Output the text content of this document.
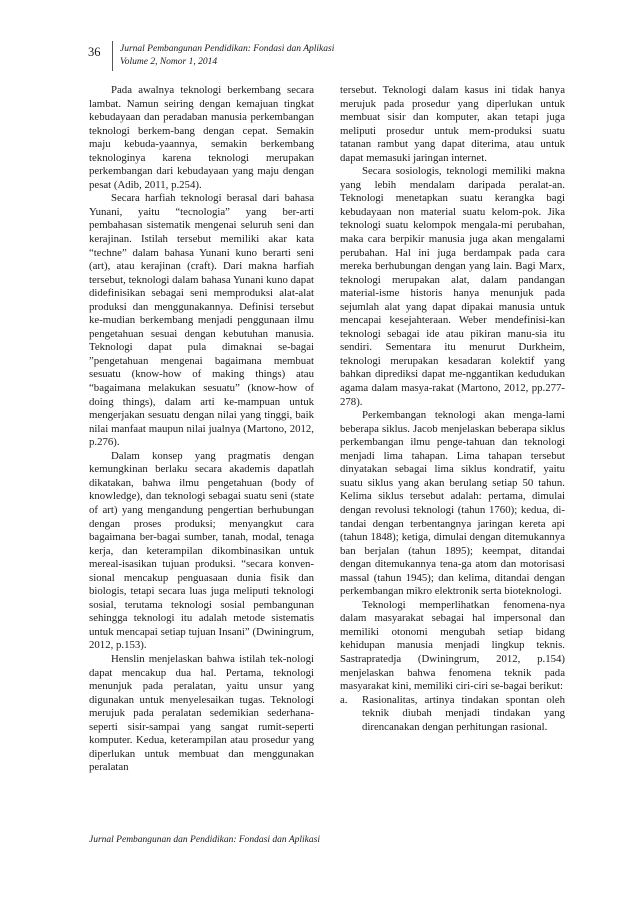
36 Jurnal Pembangunan Pendidikan: Fondasi dan Aplikasi
Volume 2, Nomor 1, 2014

Pada awalnya teknologi berkembang secara lambat. Namun seiring dengan kemajuan tingkat kebudayaan dan peradaban manusia perkembangan teknologi berkem-bang dengan cepat. Semakin maju kebuda-yaannya, semakin berkembang teknologinya karena teknologi merupakan perkembangan dari kebudayaan yang maju dengan pesat (Adib, 2011, p.254).

Secara harfiah teknologi berasal dari bahasa Yunani, yaitu “tecnologia” yang ber-arti pembahasan sistematik mengenai seluruh seni dan kerajinan. Istilah tersebut memiliki akar kata “techne” dalam bahasa Yunani kuno berarti seni (art), atau kerajinan (craft). Dari makna harfiah tersebut, teknologi dalam bahasa Yunani kuno dapat didefinisikan sebagai seni memproduksi alat-alat produksi dan menggunakannya. Definisi tersebut ke-mudian berkembang menjadi penggunaan ilmu pengetahuan sesuai dengan kebutuhan manusia. Teknologi dapat pula dimaknai se-bagai ”pengetahuan mengenai bagaimana membuat sesuatu (know-how of making things) atau “bagaimana melakukan sesuatu” (know-how of doing things), dalam arti ke-mampuan untuk mengerjakan sesuatu dengan nilai yang tinggi, baik nilai manfaat maupun nilai jualnya (Martono, 2012, p.276).

Dalam konsep yang pragmatis dengan kemungkinan berlaku secara akademis dapatlah dikatakan, bahwa ilmu pengetahuan (body of knowledge), dan teknologi sebagai suatu seni (state of art) yang mengandung pengertian berhubungan dengan proses produksi; menyangkut cara bagaimana ber-bagai sumber, tanah, modal, tenaga kerja, dan keterampilan dikombinasikan untuk mereal-isasikan tujuan produksi. “secara konven-sional mencakup penguasaan dunia fisik dan biologis, tetapi secara luas juga meliputi teknologi sosial, terutama teknologi sosial pembangunan sehingga teknologi itu adalah metode sistematis untuk mencapai setiap tujuan Insani” (Dwiningrum, 2012, p.153).

Henslin menjelaskan bahwa istilah tek-nologi dapat mencakup dua hal. Pertama, teknologi menunjuk pada peralatan, yaitu unsur yang digunakan untuk menyelesaikan tugas. Teknologi merujuk pada peralatan sedemikian sederhana-seperti sisir-sampai yang sangat rumit-seperti komputer. Kedua, keterampilan atau prosedur yang diperlukan untuk membuat dan menggunakan peralatan

tersebut. Teknologi dalam kasus ini tidak hanya merujuk pada prosedur yang diperlukan untuk membuat sisir dan komputer, akan tetapi juga meliputi prosedur untuk mem-produksi suatu tatanan rambut yang dapat diterima, atau untuk dapat memasuki jaringan internet.

Secara sosiologis, teknologi memiliki makna yang lebih mendalam daripada peralat-an. Teknologi menetapkan suatu kerangka bagi kebudayaan non material suatu kelom-pok. Jika teknologi suatu kelompok mengala-mi perubahan, maka cara berpikir manusia juga akan mengalami perubahan. Hal ini juga berdampak pada cara mereka berhubungan dengan yang lain. Bagi Marx, teknologi merupakan alat, dalam pandangan material-isme historis hanya menunjuk pada sejumlah alat yang dapat dipakai manusia untuk mencapai kesejahteraan. Weber mendefinisi-kan teknologi sebagai ide atau pikiran manu-sia itu sendiri. Sementara itu menurut Durkheim, teknologi merupakan kesadaran kolektif yang bahkan diprediksi dapat me-nggantikan kedudukan agama dalam masya-rakat (Martono, 2012, pp.277-278).

Perkembangan teknologi akan menga-lami beberapa siklus. Jacob menjelaskan beberapa siklus perkembangan ilmu penge-tahuan dan teknologi menjadi lima tahapan. Lima tahapan tersebut dinyatakan sebagai lima siklus kondratif, yaitu suatu siklus yang akan berulang setiap 50 tahun. Kelima siklus tersebut adalah: pertama, dimulai dengan revolusi teknologi (tahun 1760); kedua, di-tandai dengan terbentangnya jaringan kereta api (tahun 1848); ketiga, dimulai dengan ditemukannya ban berjalan (tahun 1895); keempat, ditandai dengan ditemukannya tena-ga atom dan motorisasi massal (tahun 1945); dan kelima, ditandai dengan perkembangan mikro elektronik serta bioteknologi.

Teknologi memperlihatkan fenomena-nya dalam masyarakat sebagai hal impersonal dan memiliki otonomi mengubah setiap bidang kehidupan manusia menjadi lingkup teknis. Sastrapratedja (Dwiningrum, 2012, p.154) menjelaskan bahwa fenomena teknik pada masyarakat kini, memiliki ciri-ciri se-bagai berikut:

a.	Rasionalitas, artinya tindakan spontan oleh teknik diubah menjadi tindakan yang direncanakan dengan perhitungan rasional.
Jurnal Pembangunan dan Pendidikan: Fondasi dan Aplikasi
